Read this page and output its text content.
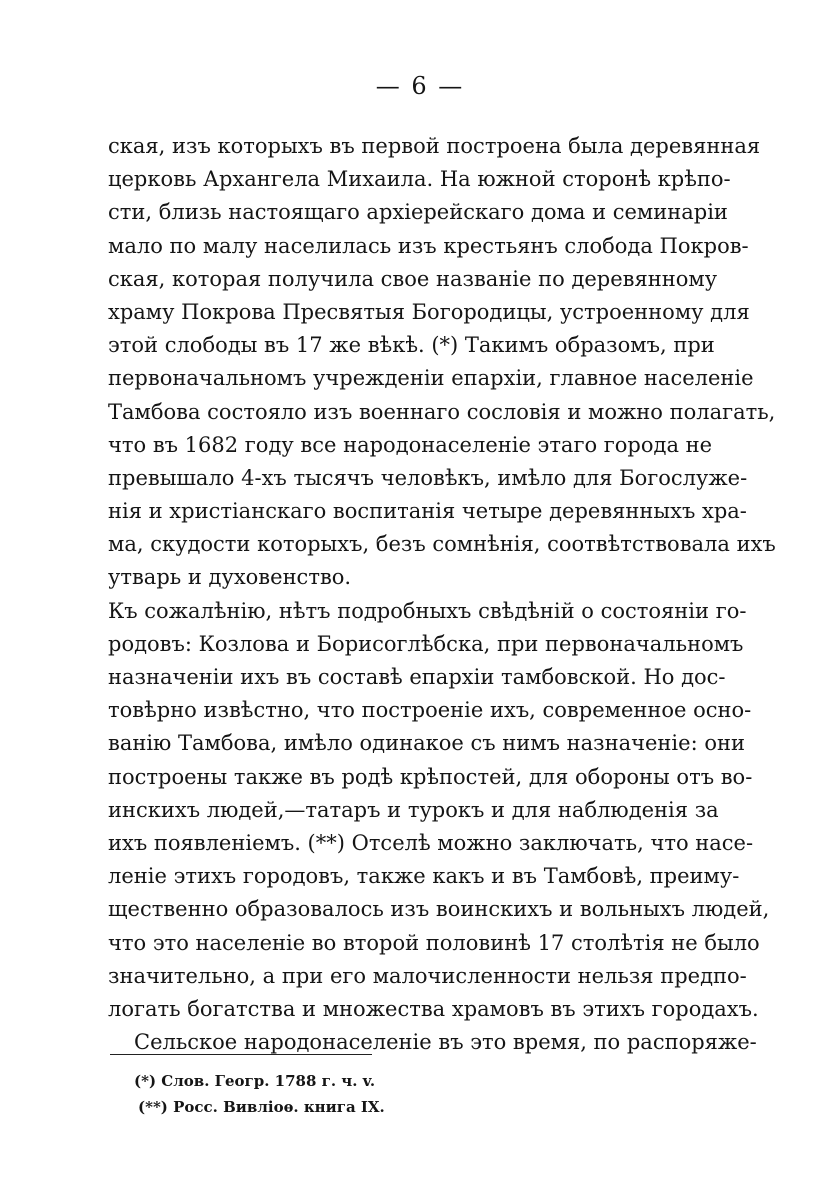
— 6 —
ская, изъ которыхъ въ первой построена была деревянная
церковь Архангела Михаила. На южной сторонѣ крѣпо-
сти, близь настоящаго архіерейскаго дома и семинаріи
мало по малу населилась изъ крестьянъ слобода Покров-
ская, которая получила свое названіе по деревянному
храму Покрова Пресвятыя Богородицы, устроенному для
этой слободы въ 17 же вѣкѣ. (*) Такимъ образомъ, при
первоначальномъ учрежденіи епархіи, главное населеніе
Тамбова состояло изъ военнаго сословія и можно полагать,
что въ 1682 году все народонаселеніе этаго города не
превышало 4-хъ тысячъ человѣкъ, имѣло для Богослуже-
нія и христіанскаго воспитанія четыре деревянныхъ хра-
ма, скудости которыхъ, безъ сомнѣнія, соотвѣтствовала ихъ
утварь и духовенство.
Къ сожалѣнію, нѣтъ подробныхъ свѣдѣній о состояніи го-
родовъ: Козлова и Борисоглѣбска, при первоначальномъ
назначеніи ихъ въ составѣ епархіи тамбовской. Но дос-
товѣрно извѣстно, что построеніе ихъ, современное осно-
ванію Тамбова, имѣло одинакое съ нимъ назначеніе: они
построены также въ родѣ крѣпостей, для обороны отъ во-
инскихъ людей,—татаръ и турокъ и для наблюденія за
ихъ появленіемъ. (**) Отселѣ можно заключать, что насе-
леніе этихъ городовъ, также какъ и въ Тамбовѣ, преиму-
щественно образовалось изъ воинскихъ и вольныхъ людей,
что это населеніе во второй половинѣ 17 столѣтія не было
значительно, а при его малочисленности нельзя предпо-
логать богатства и множества храмовъ въ этихъ городахъ.
Сельское народонаселеніе въ это время, по распоряже-
(*) Слов. Геогр. 1788 г. ч. v.
(**) Росс. Вивліоѳ. книга IX.
